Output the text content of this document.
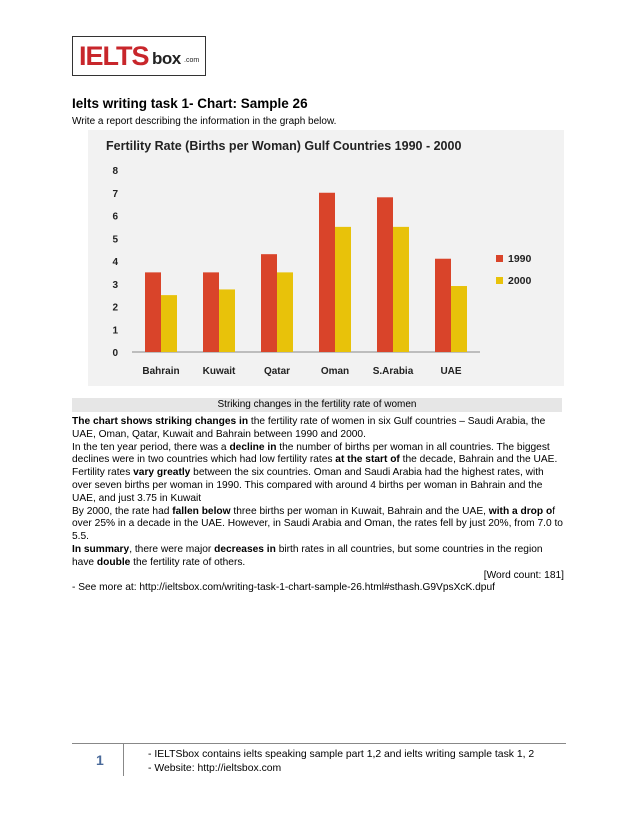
IELTS box .com
Ielts writing task 1- Chart: Sample 26
Write a report describing the information in the graph below.
Fertility Rate (Births per Woman) Gulf Countries 1990 - 2000
0
1
2
3
4
5
6
7
8
Bahrain Kuwait	Qatar	Oman S.Arabia	UAE
1990
2000
Striking changes in the fertility rate of women

The chart shows striking changes in the fertility rate of women in six Gulf countries – Saudi Arabia, the UAE, Oman, Qatar, Kuwait and Bahrain between 1990 and 2000.

In the ten year period, there was a decline in the number of births per woman in all countries. The biggest declines were in two countries which had low fertility rates at the start of the decade, Bahrain and the UAE.

Fertility rates vary greatly between the six countries. Oman and Saudi Arabia had the highest rates, with over seven births per woman in 1990. This compared with around 4 births per woman in Bahrain and the UAE, and just 3.75 in Kuwait

By 2000, the rate had fallen below three births per woman in Kuwait, Bahrain and the UAE, with a drop of over 25% in a decade in the UAE. However, in Saudi Arabia and Oman, the rates fell by just 20%, from 7.0 to 5.5.

In summary, there were major decreases in birth rates in all countries, but some countries in the region have double the fertility rate of others.

[Word count: 181]

- See more at: http://ieltsbox.com/writing-task-1-chart-sample-26.html#sthash.G9VpsXcK.dpuf

1	- IELTSbox contains ielts speaking sample part 1,2 and ielts writing sample task 1, 2
- Website: http://ieltsbox.com
